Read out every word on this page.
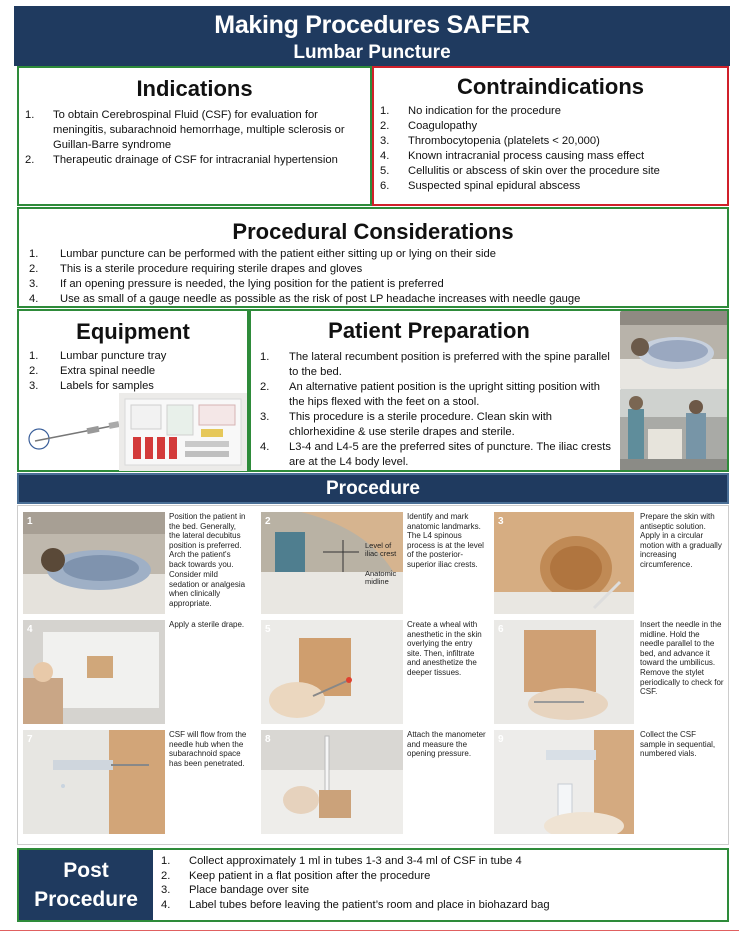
Making Procedures SAFER
Lumbar Puncture
Indications
1. To obtain Cerebrospinal Fluid (CSF) for evaluation for meningitis, subarachnoid hemorrhage, multiple sclerosis or Guillan-Barre syndrome
2. Therapeutic drainage of CSF for intracranial hypertension
Contraindications
1. No indication for the procedure
2. Coagulopathy
3. Thrombocytopenia (platelets < 20,000)
4. Known intracranial process causing mass effect
5. Cellulitis or abscess of skin over the procedure site
6. Suspected spinal epidural abscess
Procedural Considerations
1. Lumbar puncture can be performed with the patient either sitting up or lying on their side
2. This is a sterile procedure requiring sterile drapes and gloves
3. If an opening pressure is needed, the lying position for the patient is preferred
4. Use as small of a gauge needle as possible as the risk of post LP headache increases with needle gauge
Equipment
1. Lumbar puncture tray
2. Extra spinal needle
3. Labels for samples
Patient Preparation
1. The lateral recumbent position is preferred with the spine parallel to the bed.
2. An alternative patient position is the upright sitting position with the hips flexed with the feet on a stool.
3. This procedure is a sterile procedure. Clean skin with chlorhexidine & use sterile drapes and sterile.
4. L3-4 and L4-5 are the preferred sites of puncture. The iliac crests are at the L4 body level.
Procedure
1	Position the patient in the bed. Generally, the lateral decubitus position is preferred. Arch the patient's back towards you.
Consider mild sedation or analgesia when clinically appropriate.
2
Level of iliac crest
Anatomic midline
Identify and mark anatomic landmarks. The L4 spinous process is at the level of the posterior-superior iliac crests.
3	Prepare the skin with antiseptic solution. Apply in a circular motion with a gradually increasing circumference.
4	Apply a sterile drape.	5	Create a wheal with anesthetic in the skin overlying the entry site. Then, infiltrate and anesthetize the deeper tissues.
6	Insert the needle in the midline. Hold the needle parallel to the bed, and advance it toward the umbilicus. Remove the stylet periodically to check for CSF.
7	CSF will flow from the needle hub when the subarachnoid space has been penetrated.
8	Attach the manometer and measure the opening pressure.
9	Collect the CSF sample in sequential, numbered vials.
Post
Procedure
1. Collect approximately 1 ml in tubes 1-3 and 3-4 ml of CSF in tube 4
2. Keep patient in a flat position after the procedure
3. Place bandage over site
4. Label tubes before leaving the patient’s room and place in biohazard bag
